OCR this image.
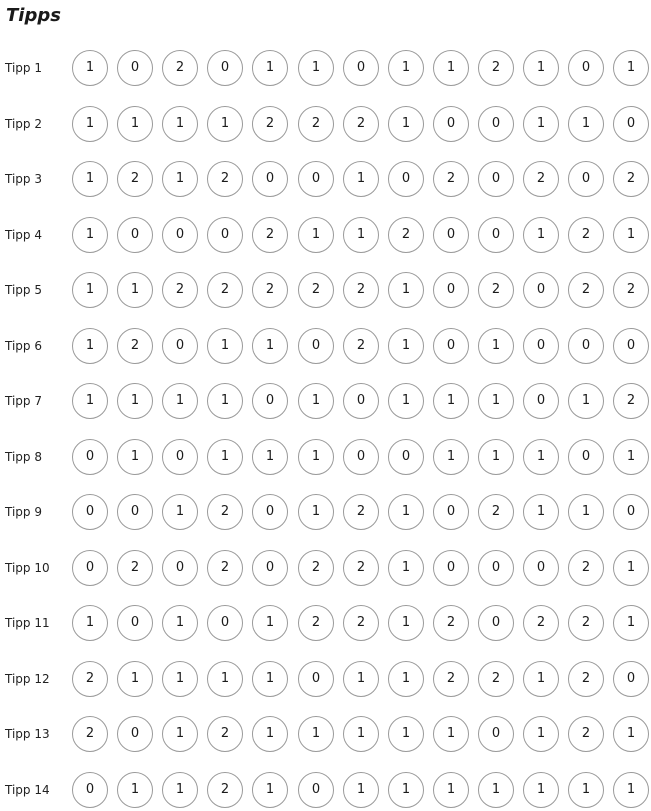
Tipps
Tipp 1	1	0	2	0	1	1	0	1	1	2	1	0	1
Tipp 2	1	1	1	1	2	2	2	1	0	0	1	1	0
Tipp 3	1	2	1	2	0	0	1	0	2	0	2	0	2
Tipp 4	1	0	0	0	2	1	1	2	0	0	1	2	1
Tipp 5	1	1	2	2	2	2	2	1	0	2	0	2	2
Tipp 6	1	2	0	1	1	0	2	1	0	1	0	0	0
Tipp 7	1	1	1	1	0	1	0	1	1	1	0	1	2
Tipp 8	0	1	0	1	1	1	0	0	1	1	1	0	1
Tipp 9	0	0	1	2	0	1	2	1	0	2	1	1	0
Tipp 10	0	2	0	2	0	2	2	1	0	0	0	2	1
Tipp 11	1	0	1	0	1	2	2	1	2	0	2	2	1
Tipp 12	2	1	1	1	1	0	1	1	2	2	1	2	0
Tipp 13	2	0	1	2	1	1	1	1	1	0	1	2	1
Tipp 14	0	1	1	2	1	0	1	1	1	1	1	1	1
